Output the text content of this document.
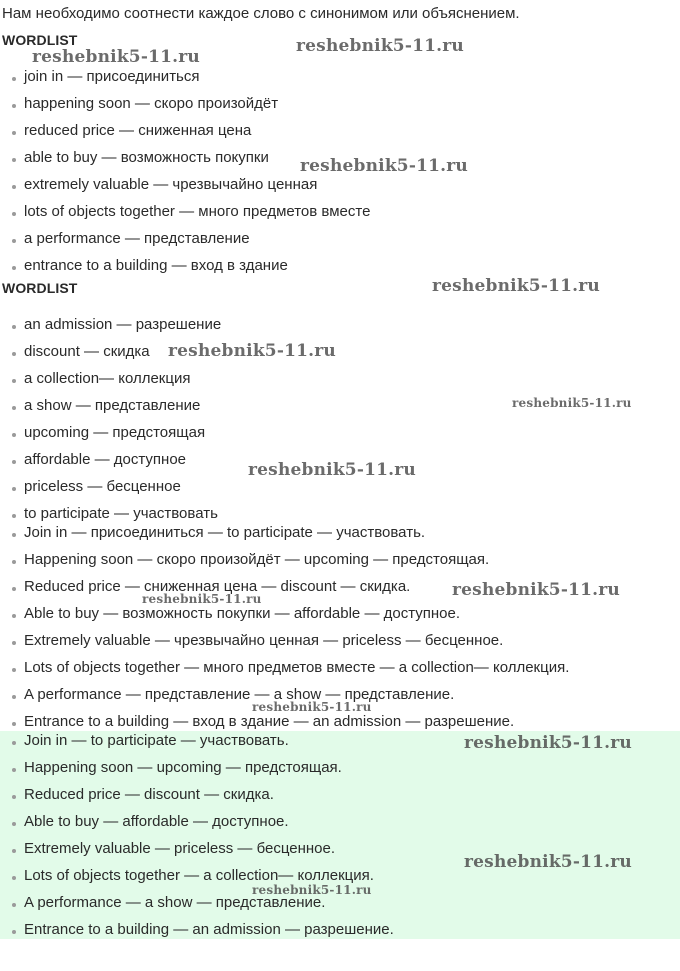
Нам необходимо соотнести каждое слово с синонимом или объяснением.
WORDLIST
join in — присоединиться
happening soon — скоро произойдёт
reduced price — сниженная цена
able to buy — возможность покупки
extremely valuable — чрезвычайно ценная
lots of objects together — много предметов вместе
a performance — представление
entrance to a building — вход в здание
WORDLIST
an admission — разрешение
discount — скидка
a collection— коллекция
a show — представление
upcoming — предстоящая
affordable — доступное
priceless — бесценное
to participate — участвовать
Join in — присоединиться — to participate — участвовать.
Happening soon — скоро произойдёт — upcoming — предстоящая.
Reduced price — сниженная цена — discount — скидка.
Able to buy — возможность покупки — affordable — доступное.
Extremely valuable — чрезвычайно ценная — priceless — бесценное.
Lots of objects together — много предметов вместе — a collection— коллекция.
A performance — представление — a show — представление.
Entrance to a building — вход в здание — an admission — разрешение.
Join in — to participate — участвовать.
Happening soon — upcoming — предстоящая.
Reduced price — discount — скидка.
Able to buy — affordable — доступное.
Extremely valuable — priceless — бесценное.
Lots of objects together — a collection— коллекция.
A performance — a show — представление.
Entrance to a building — an admission — разрешение.
reshebnik5-11.ru
reshebnik5-11.ru
reshebnik5-11.ru
reshebnik5-11.ru
reshebnik5-11.ru
reshebnik5-11.ru
reshebnik5-11.ru
reshebnik5-11.ru
reshebnik5-11.ru
reshebnik5-11.ru
reshebnik5-11.ru
reshebnik5-11.ru
reshebnik5-11.ru
